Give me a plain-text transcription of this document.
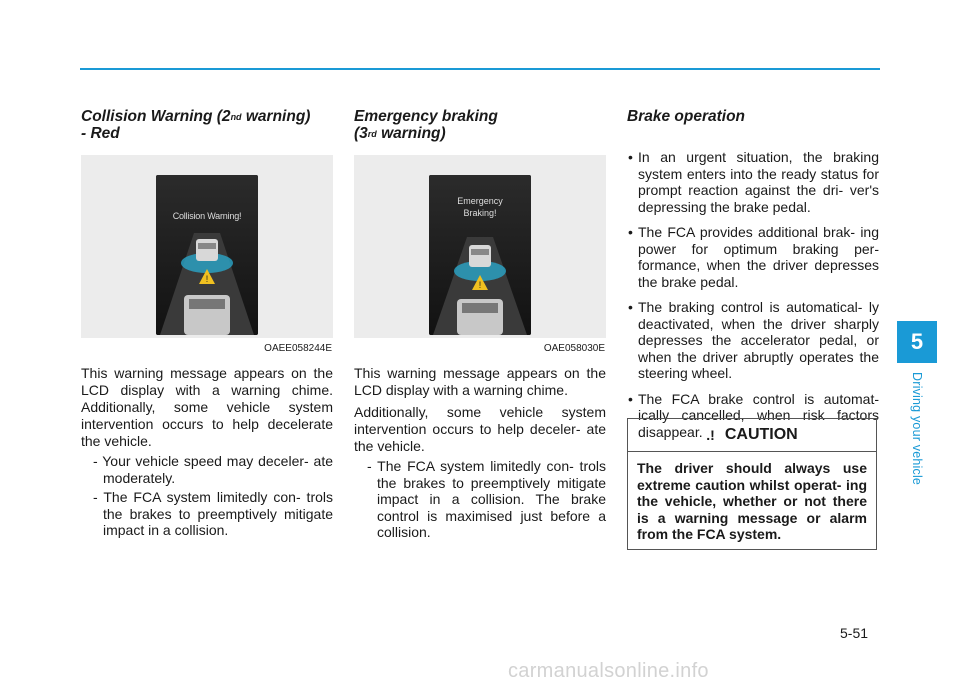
Collision Warning (2nd warning)
- Red
!
Collision Warning!
OAEE058244E

This warning message appears on the LCD display with a warning chime. Additionally, some vehicle system intervention occurs to help decelerate the vehicle.

- Your vehicle speed may deceler- ate moderately.

- The FCA system limitedly con- trols the brakes to preemptively mitigate impact in a collision.

Emergency braking
(3rd warning)
!
Emergency
Braking!
OAE058030E

This warning message appears on the LCD display with a warning chime.

Additionally, some vehicle system intervention occurs to help deceler- ate the vehicle.

- The FCA system limitedly con- trols the brakes to preemptively mitigate impact in a collision. The brake control is maximised just before a collision.

Brake operation
• In an urgent situation, the braking system enters into the ready status for prompt reaction against the dri- ver's depressing the brake pedal.
• The FCA provides additional brak- ing power for optimum braking per- formance, when the driver depresses the brake pedal.
• The braking control is automatical- ly deactivated, when the driver sharply depresses the accelerator pedal, or when the driver abruptly operates the steering wheel.
• The FCA brake control is automat- ically cancelled, when risk factors disappear. .! CAUTION
The driver should always use extreme caution whilst operat- ing the vehicle, whether or not there is a warning message or alarm from the FCA system.
5
Driving your vehicle
5-51
carmanualsonline.info
